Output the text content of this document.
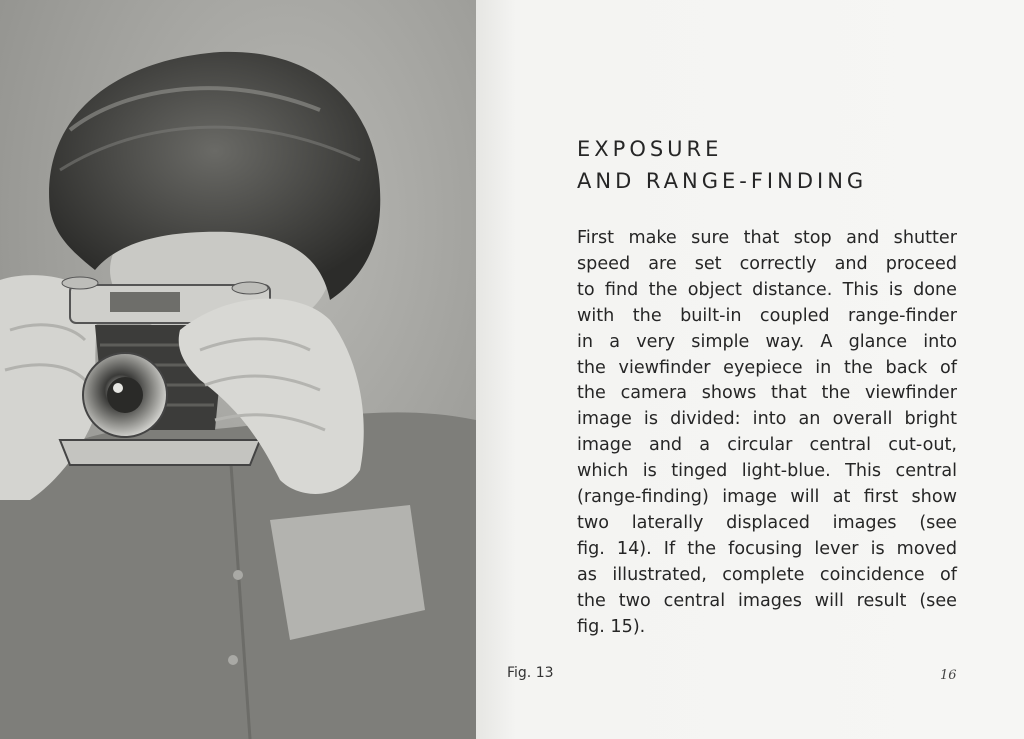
EXPOSURE
AND RANGE-FINDING

First make sure that stop and shutter
speed are set correctly and proceed
to find the object distance. This is done
with the built-in coupled range-finder
in a very simple way. A glance into
the viewfinder eyepiece in the back of
the camera shows that the viewfinder
image is divided: into an overall bright
image and a circular central cut-out,
which is tinged light-blue. This central
(range-finding) image will at first show
two laterally displaced images (see
fig. 14). If the focusing lever is moved
as illustrated, complete coincidence of
the two central images will result (see
fig. 15).

Fig. 13	16
